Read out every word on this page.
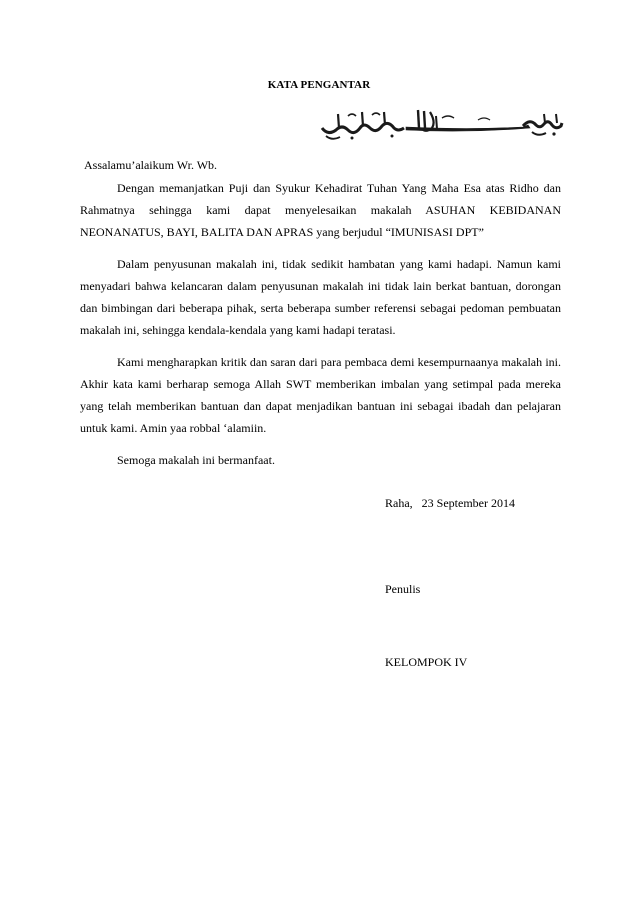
KATA PENGANTAR
Assalamu’alaikum Wr. Wb.

Dengan memanjatkan Puji dan Syukur Kehadirat Tuhan Yang Maha Esa atas Ridho dan Rahmatnya sehingga kami dapat menyelesaikan makalah ASUHAN KEBIDANAN NEONANATUS, BAYI, BALITA DAN APRAS yang berjudul “IMUNISASI DPT”

Dalam penyusunan makalah ini, tidak sedikit hambatan yang kami hadapi. Namun kami menyadari bahwa kelancaran dalam penyusunan makalah ini tidak lain berkat bantuan, dorongan dan bimbingan dari beberapa pihak, serta beberapa sumber referensi sebagai pedoman pembuatan makalah ini, sehingga kendala-kendala yang kami hadapi teratasi.

Kami mengharapkan kritik dan saran dari para pembaca demi kesempurnaanya makalah ini. Akhir kata kami berharap semoga Allah SWT memberikan imbalan yang setimpal pada mereka yang telah memberikan bantuan dan dapat menjadikan bantuan ini sebagai ibadah dan pelajaran untuk kami. Amin yaa robbal ‘alamiin.

Semoga makalah ini bermanfaat.

Raha,   23 September 2014
Penulis
KELOMPOK IV
